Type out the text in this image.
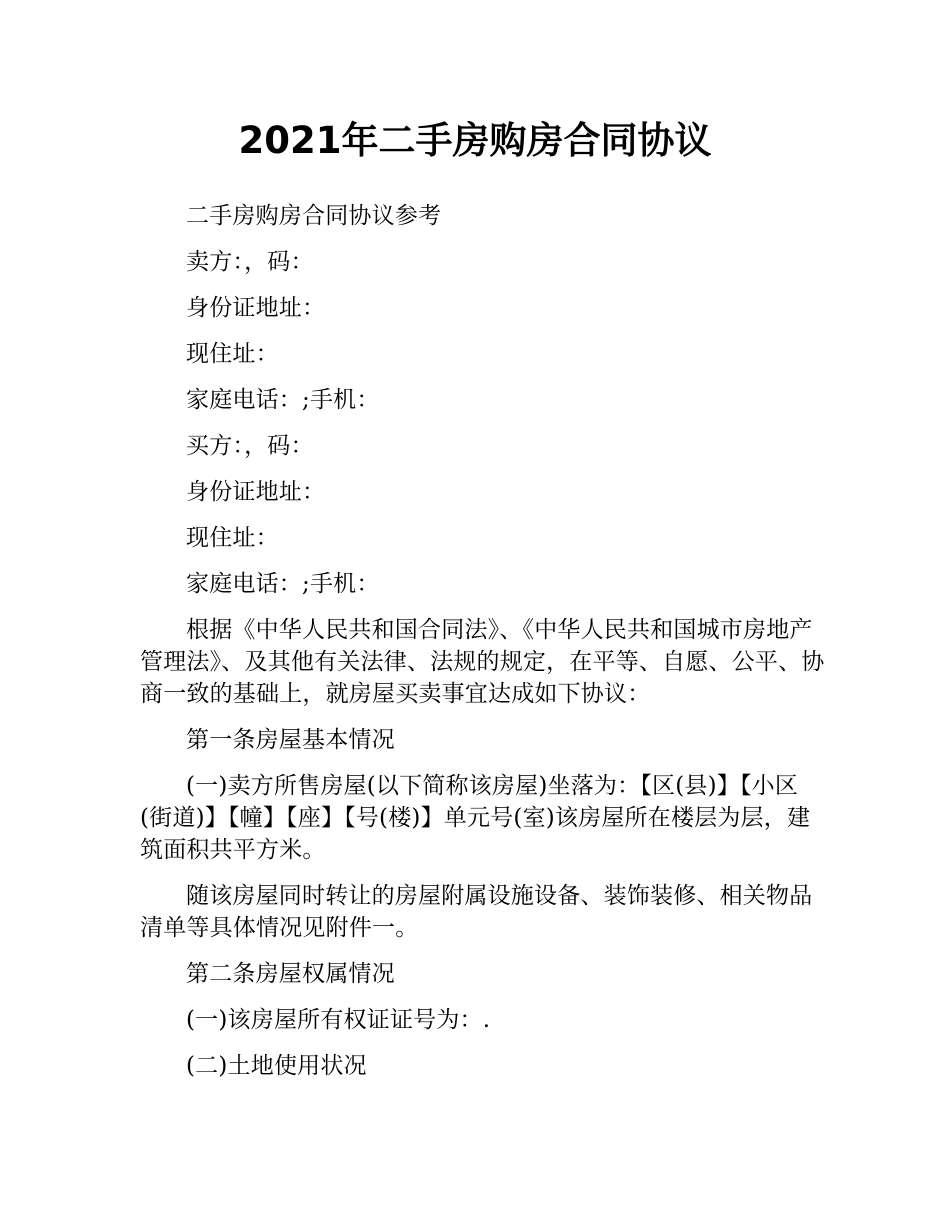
2021年二手房购房合同协议

二手房购房合同协议参考

卖方：，码：

身份证地址：

现住址：

家庭电话：;手机：

买方：，码：

身份证地址：

现住址：

家庭电话：;手机：

根据《中华人民共和国合同法》、《中华人民共和国城市房地产管理法》、及其他有关法律、法规的规定，在平等、自愿、公平、协商一致的基础上，就房屋买卖事宜达成如下协议：

第一条房屋基本情况

(一)卖方所售房屋(以下简称该房屋)坐落为：【区(县)】【小区(街道)】【幢】【座】【号(楼)】单元号(室)该房屋所在楼层为层，建筑面积共平方米。

随该房屋同时转让的房屋附属设施设备、装饰装修、相关物品清单等具体情况见附件一。

第二条房屋权属情况

(一)该房屋所有权证证号为：.

(二)土地使用状况
